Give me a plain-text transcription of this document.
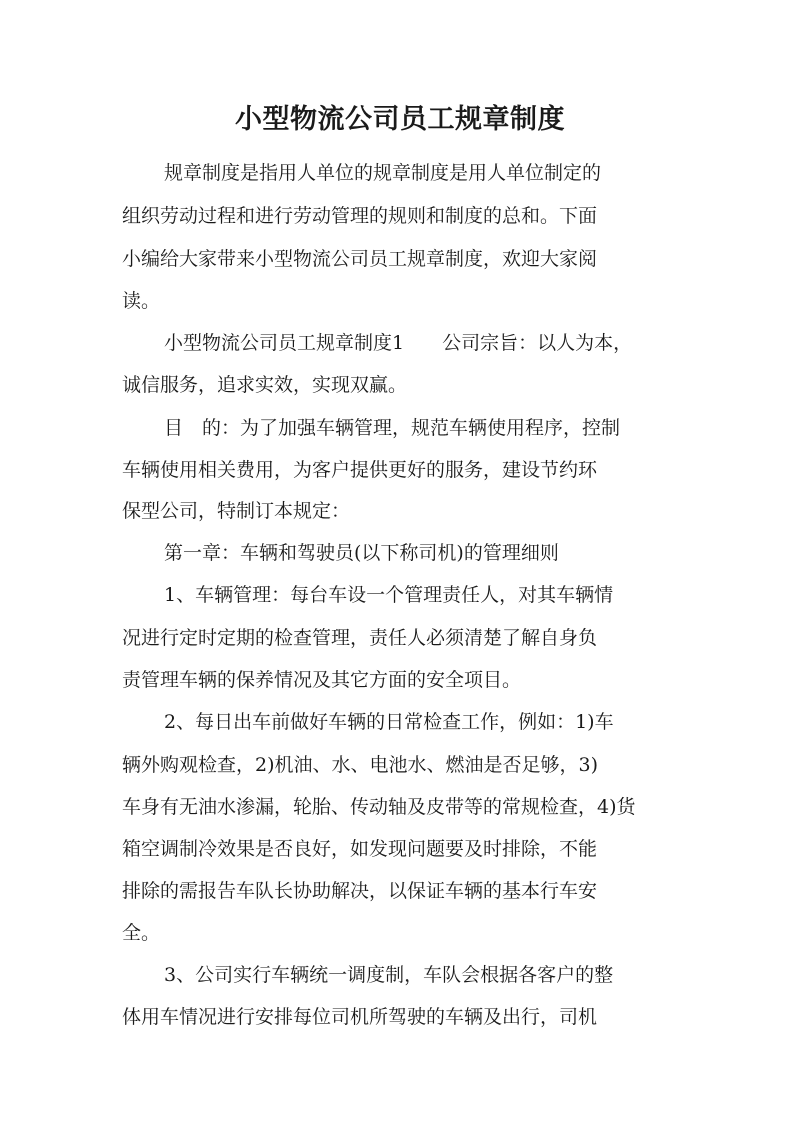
小型物流公司员工规章制度
规章制度是指用人单位的规章制度是用人单位制定的
组织劳动过程和进行劳动管理的规则和制度的总和。下面
小编给大家带来小型物流公司员工规章制度，欢迎大家阅
读。
小型物流公司员工规章制度1　　公司宗旨：以人为本，
诚信服务，追求实效，实现双赢。
目　的：为了加强车辆管理，规范车辆使用程序，控制
车辆使用相关费用，为客户提供更好的服务，建设节约环
保型公司，特制订本规定：
第一章：车辆和驾驶员(以下称司机)的管理细则
1、车辆管理：每台车设一个管理责任人，对其车辆情
况进行定时定期的检查管理，责任人必须清楚了解自身负
责管理车辆的保养情况及其它方面的安全项目。
2、每日出车前做好车辆的日常检查工作，例如：1)车
辆外购观检查，2)机油、水、电池水、燃油是否足够，3)
车身有无油水渗漏，轮胎、传动轴及皮带等的常规检查，4)货
箱空调制冷效果是否良好，如发现问题要及时排除，不能
排除的需报告车队长协助解决，以保证车辆的基本行车安
全。
3、公司实行车辆统一调度制，车队会根据各客户的整
体用车情况进行安排每位司机所驾驶的车辆及出行，司机
